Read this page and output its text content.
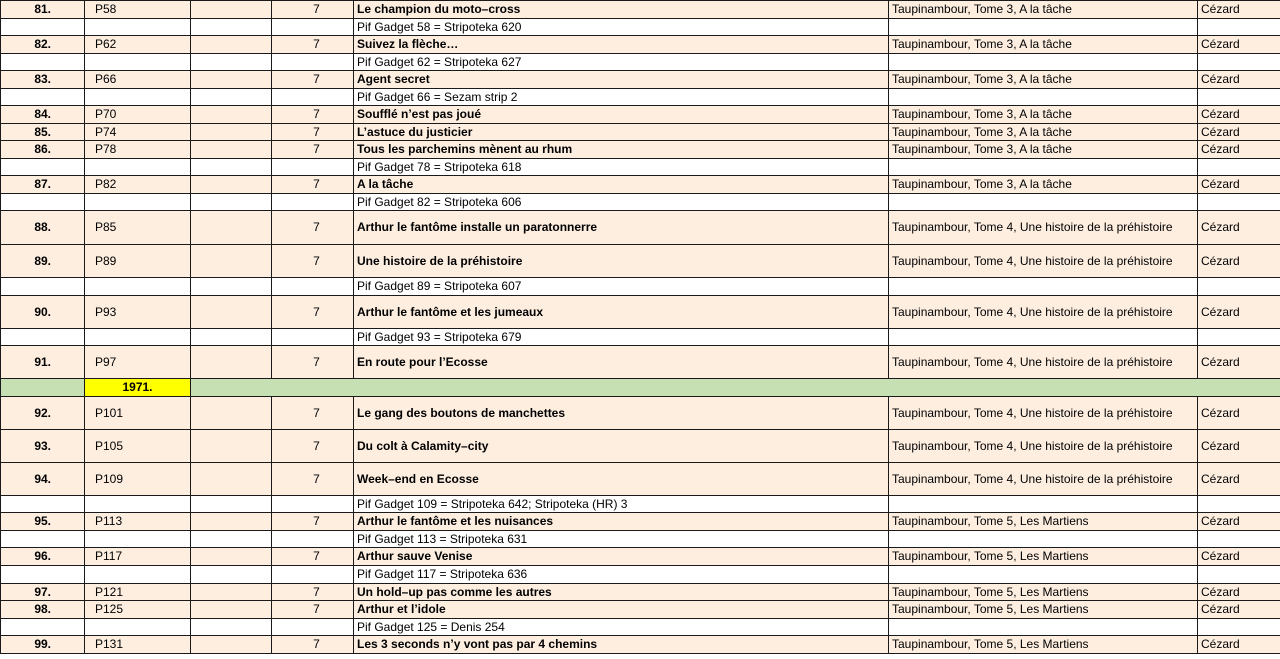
81.	P58		7	Le champion du moto–cross	Taupinambour, Tome 3, A la tâche	Cézard
				Pif Gadget 58 = Stripoteka 620		
82.	P62		7	Suivez la flèche…	Taupinambour, Tome 3, A la tâche	Cézard
				Pif Gadget 62 = Stripoteka 627		
83.	P66		7	Agent secret	Taupinambour, Tome 3, A la tâche	Cézard
				Pif Gadget 66 = Sezam strip 2		
84.	P70		7	Soufflé n’est pas joué	Taupinambour, Tome 3, A la tâche	Cézard
85.	P74		7	L’astuce du justicier	Taupinambour, Tome 3, A la tâche	Cézard
86.	P78		7	Tous les parchemins mènent au rhum	Taupinambour, Tome 3, A la tâche	Cézard
				Pif Gadget 78 = Stripoteka 618		
87.	P82		7	A la tâche	Taupinambour, Tome 3, A la tâche	Cézard
				Pif Gadget 82 = Stripoteka 606		
88.	P85		7	Arthur le fantôme installe un paratonnerre	Taupinambour, Tome 4, Une histoire de la préhistoire	Cézard
89.	P89		7	Une histoire de la préhistoire	Taupinambour, Tome 4, Une histoire de la préhistoire	Cézard
				Pif Gadget 89 = Stripoteka 607		
90.	P93		7	Arthur le fantôme et les jumeaux	Taupinambour, Tome 4, Une histoire de la préhistoire	Cézard
				Pif Gadget 93 = Stripoteka 679		
91.	P97		7	En route pour l’Ecosse	Taupinambour, Tome 4, Une histoire de la préhistoire	Cézard
	1971.					
92.	P101		7	Le gang des boutons de manchettes	Taupinambour, Tome 4, Une histoire de la préhistoire	Cézard
93.	P105		7	Du colt à Calamity–city	Taupinambour, Tome 4, Une histoire de la préhistoire	Cézard
94.	P109		7	Week–end en Ecosse	Taupinambour, Tome 4, Une histoire de la préhistoire	Cézard
				Pif Gadget 109 = Stripoteka 642; Stripoteka (HR) 3		
95.	P113		7	Arthur le fantôme et les nuisances	Taupinambour, Tome 5, Les Martiens	Cézard
				Pif Gadget 113 = Stripoteka 631		
96.	P117		7	Arthur sauve Venise	Taupinambour, Tome 5, Les Martiens	Cézard
				Pif Gadget 117 = Stripoteka 636		
97.	P121		7	Un hold–up pas comme les autres	Taupinambour, Tome 5, Les Martiens	Cézard
98.	P125		7	Arthur et l’idole	Taupinambour, Tome 5, Les Martiens	Cézard
				Pif Gadget 125 = Denis 254		
99.	P131		7	Les 3 seconds n’y vont pas par 4 chemins	Taupinambour, Tome 5, Les Martiens	Cézard
